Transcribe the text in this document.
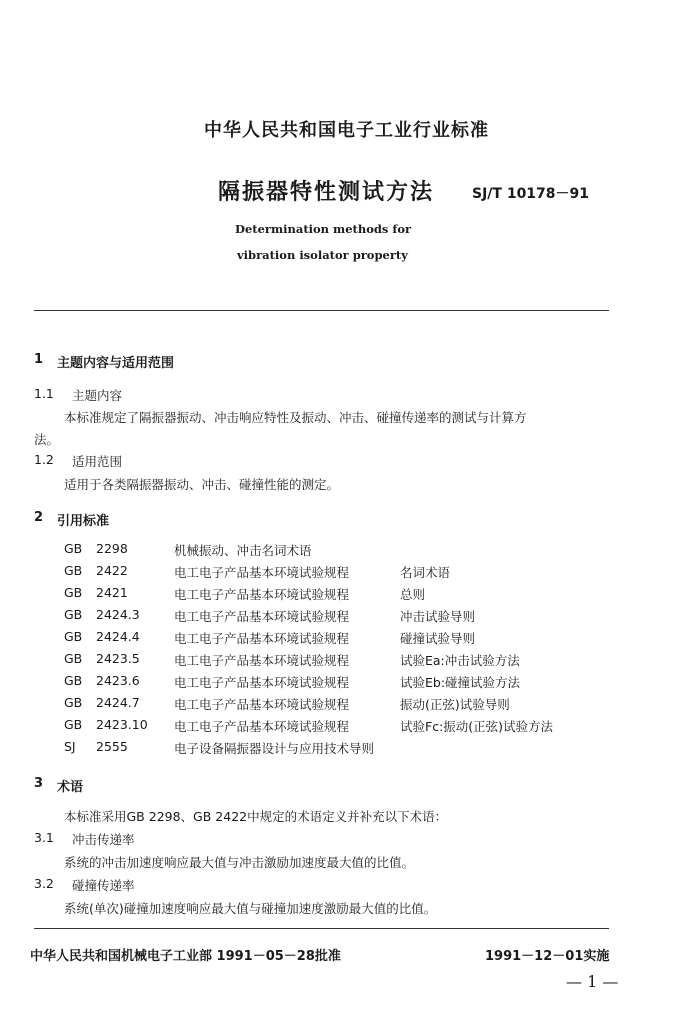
中华人民共和国电子工业行业标准
隔振器特性测试方法	SJ/T 10178－91
Determination methods for
vibration isolator property
1 主题内容与适用范围
1.1 主题内容
本标准规定了隔振器振动、冲击响应特性及振动、冲击、碰撞传递率的测试与计算方
法。
1.2 适用范围
适用于各类隔振器振动、冲击、碰撞性能的测定。
2 引用标准
GB 2298	机械振动、冲击名词术语
GB 2422	电工电子产品基本环境试验规程	名词术语
GB 2421	电工电子产品基本环境试验规程	总则
GB 2424.3	电工电子产品基本环境试验规程	冲击试验导则
GB 2424.4	电工电子产品基本环境试验规程	碰撞试验导则
GB 2423.5	电工电子产品基本环境试验规程	试验Ea:冲击试验方法
GB 2423.6	电工电子产品基本环境试验规程	试验Eb:碰撞试验方法
GB 2424.7	电工电子产品基本环境试验规程	振动(正弦)试验导则
GB 2423.10 电工电子产品基本环境试验规程	试验Fc:振动(正弦)试验方法
SJ 2555	电子设备隔振器设计与应用技术导则
3 术语
本标准采用GB 2298、GB 2422中规定的术语定义并补充以下术语：
3.1 冲击传递率
系统的冲击加速度响应最大值与冲击激励加速度最大值的比值。
3.2 碰撞传递率
系统(单次)碰撞加速度响应最大值与碰撞加速度激励最大值的比值。
中华人民共和国机械电子工业部 1991－05－28批准	1991－12－01实施
— 1 —
